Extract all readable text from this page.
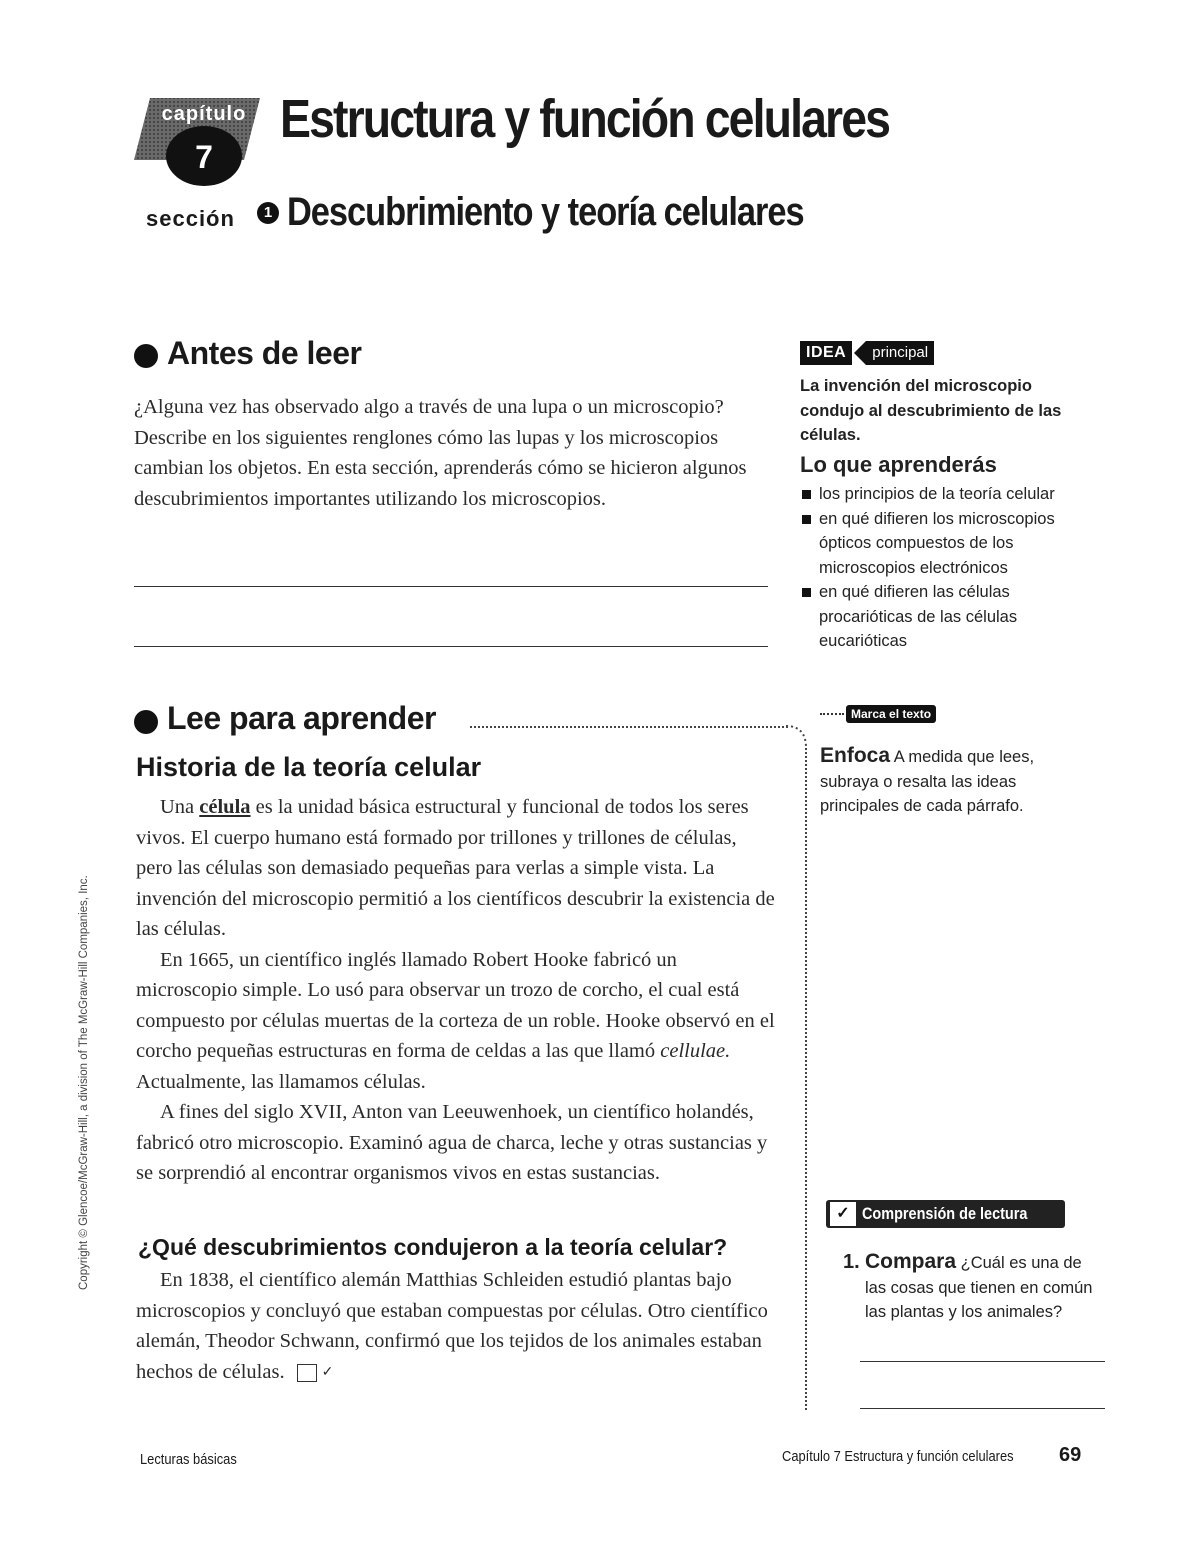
capítulo
7
Estructura y función celulares
sección	1 Descubrimiento y teoría celulares
Antes de leer
¿Alguna vez has observado algo a través de una lupa o un microscopio? Describe en los siguientes renglones cómo las lupas y los microscopios cambian los objetos. En esta sección, aprenderás cómo se hicieron algunos descubrimientos importantes utilizando los microscopios.
IDEA	principal
La invención del microscopio condujo al descubrimiento de las células.
Lo que aprenderás
los principios de la teoría celular
en qué difieren los microscopios ópticos compuestos de los microscopios electrónicos
en qué difieren las células procarióticas de las células eucarióticas
Lee para aprender
Historia de la teoría celular

Una célula es la unidad básica estructural y funcional de todos los seres vivos. El cuerpo humano está formado por trillones y trillones de células, pero las células son demasiado pequeñas para verlas a simple vista. La invención del microscopio permitió a los científicos descubrir la existencia de las células.

En 1665, un científico inglés llamado Robert Hooke fabricó un microscopio simple. Lo usó para observar un trozo de corcho, el cual está compuesto por células muertas de la corteza de un roble. Hooke observó en el corcho pequeñas estructuras en forma de celdas a las que llamó cellulae. Actualmente, las llamamos células.

A fines del siglo XVII, Anton van Leeuwenhoek, un científico holandés, fabricó otro microscopio. Examinó agua de charca, leche y otras sustancias y se sorprendió al encontrar organismos vivos en estas sustancias.

¿Qué descubrimientos condujeron a la teoría celular?

En 1838, el científico alemán Matthias Schleiden estudió plantas bajo microscopios y concluyó que estaban compuestas por células. Otro científico alemán, Theodor Schwann, confirmó que los tejidos de los animales estaban hechos de células.	✓

Marca el texto
Enfoca A medida que lees, subraya o resalta las ideas principales de cada párrafo.
✓ Comprensión de lectura
1. Compara ¿Cuál es una de las cosas que tienen en común las plantas y los animales?
Lecturas básicas	Capítulo 7 Estructura y función celulares 69
Copyright © Glencoe/McGraw-Hill, a division of The McGraw-Hill Companies, Inc.
